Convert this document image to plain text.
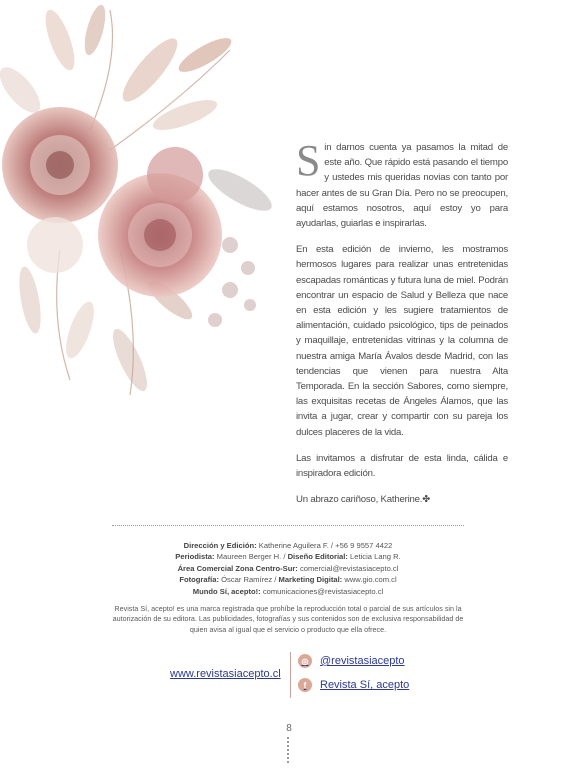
Sin darnos cuenta ya pasamos la mitad de este año. Que rápido está pasando el tiempo y ustedes mis queridas novias con tanto por hacer antes de su Gran Día. Pero no se preocupen, aquí estamos nosotros, aquí estoy yo para ayudarlas, guiarlas e inspirarlas.

En esta edición de invierno, les mostramos hermosos lugares para realizar unas entretenidas escapadas románticas y futura luna de miel. Podrán encontrar un espacio de Salud y Belleza que nace en esta edición y les sugiere tratamientos de alimentación, cuidado psicológico, tips de peinados y maquillaje, entretenidas vitrinas y la columna de nuestra amiga María Ávalos desde Madrid, con las tendencias que vienen para nuestra Alta Temporada. En la sección Sabores, como siempre, las exquisitas recetas de Ángeles Álamos, que las invita a jugar, crear y compartir con su pareja los dulces placeres de la vida.

Las invitamos a disfrutar de esta linda, cálida e inspiradora edición.

Un abrazo cariñoso, Katherine.✤

Dirección y Edición: Katherine Aguilera F. / +56 9 9557 4422
Periodista: Maureen Berger H. / Diseño Editorial: Leticia Lang R.
Área Comercial Zona Centro-Sur: comercial@revistasiacepto.cl
Fotografía: Óscar Ramírez / Marketing Digital: www.gio.com.cl
Mundo Sí, acepto!: comunicaciones@revistasiacepto.cl
Revista Sí, acepto! es una marca registrada que prohíbe la reproducción total o parcial de sus artículos sin la autorización de su editora. Las publicidades, fotografías y sus contenidos son de exclusiva responsabilidad de quien avisa al igual que el servicio o producto que ella ofrece.
www.revistasiacepto.cl
◎	@revistasiacepto
f	Revista Sí, acepto
8
